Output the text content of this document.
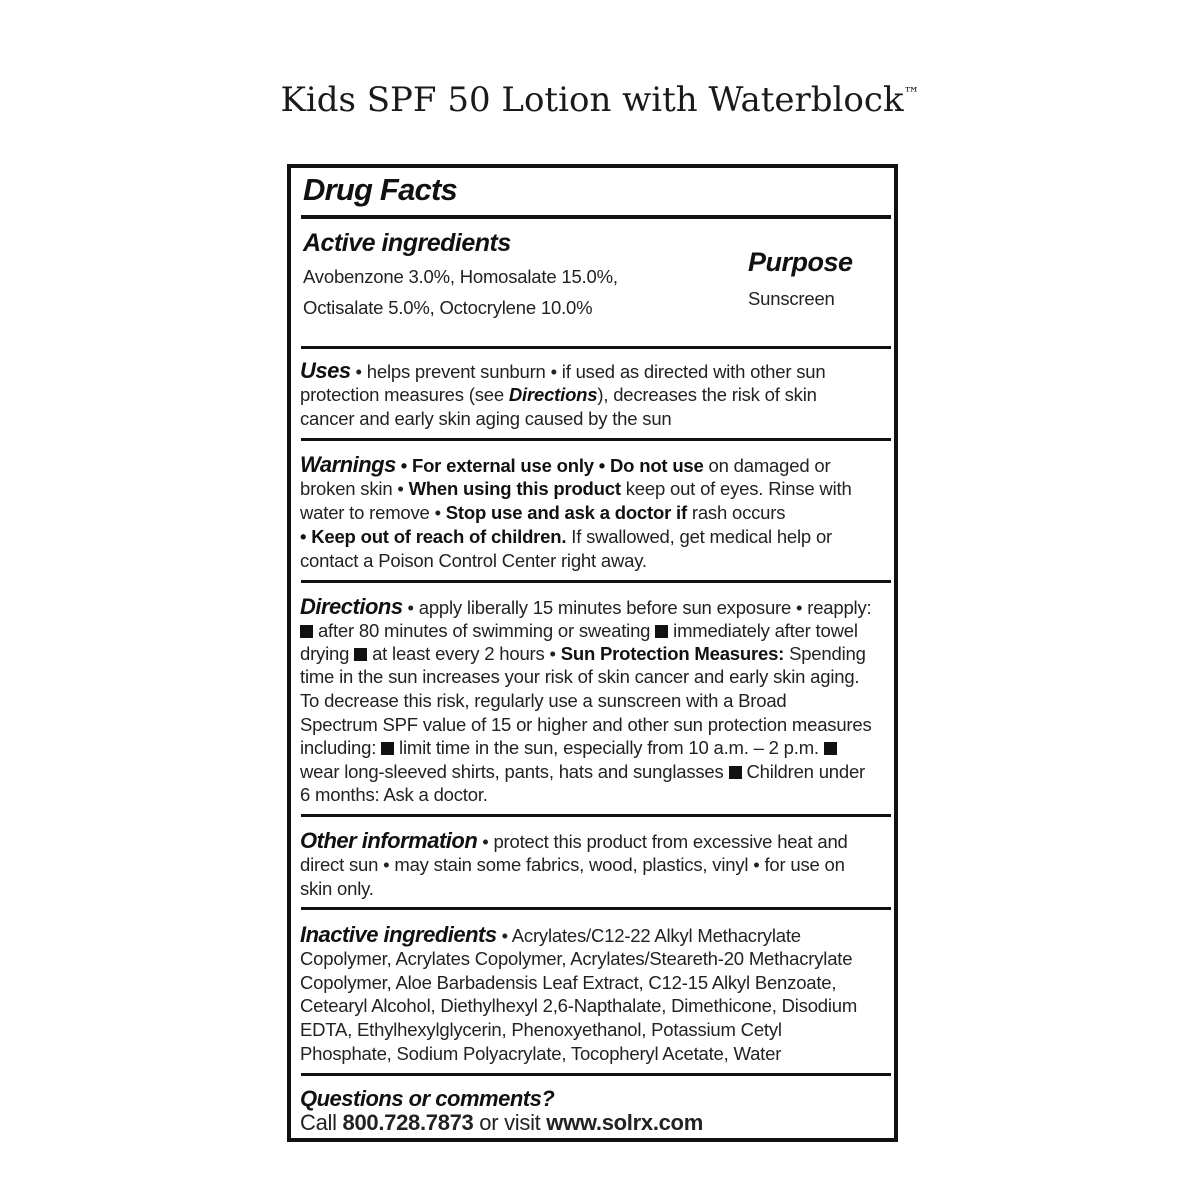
Kids SPF 50 Lotion with Waterblock™
Drug Facts
Active ingredients
Avobenzone 3.0%, Homosalate 15.0%,
Octisalate 5.0%, Octocrylene 10.0%
Purpose
Sunscreen
Uses • helps prevent sunburn • if used as directed with other sun
protection measures (see Directions), decreases the risk of skin
cancer and early skin aging caused by the sun
Warnings • For external use only • Do not use on damaged or
broken skin • When using this product keep out of eyes. Rinse with
water to remove • Stop use and ask a doctor if rash occurs
• Keep out of reach of children. If swallowed, get medical help or
contact a Poison Control Center right away.
Directions • apply liberally 15 minutes before sun exposure • reapply:
after 80 minutes of swimming or sweating  immediately after towel
drying  at least every 2 hours • Sun Protection Measures: Spending
time in the sun increases your risk of skin cancer and early skin aging.
To decrease this risk, regularly use a sunscreen with a Broad
Spectrum SPF value of 15 or higher and other sun protection measures
including:  limit time in the sun, especially from 10 a.m. – 2 p.m.
wear long-sleeved shirts, pants, hats and sunglasses  Children under
6 months: Ask a doctor.
Other information • protect this product from excessive heat and
direct sun • may stain some fabrics, wood, plastics, vinyl • for use on
skin only.
Inactive ingredients • Acrylates/C12-22 Alkyl Methacrylate
Copolymer, Acrylates Copolymer, Acrylates/Steareth-20 Methacrylate
Copolymer, Aloe Barbadensis Leaf Extract, C12-15 Alkyl Benzoate,
Cetearyl Alcohol, Diethylhexyl 2,6-Napthalate, Dimethicone, Disodium
EDTA, Ethylhexylglycerin, Phenoxyethanol, Potassium Cetyl
Phosphate, Sodium Polyacrylate, Tocopheryl Acetate, Water
Questions or comments?
Call 800.728.7873 or visit www.solrx.com
